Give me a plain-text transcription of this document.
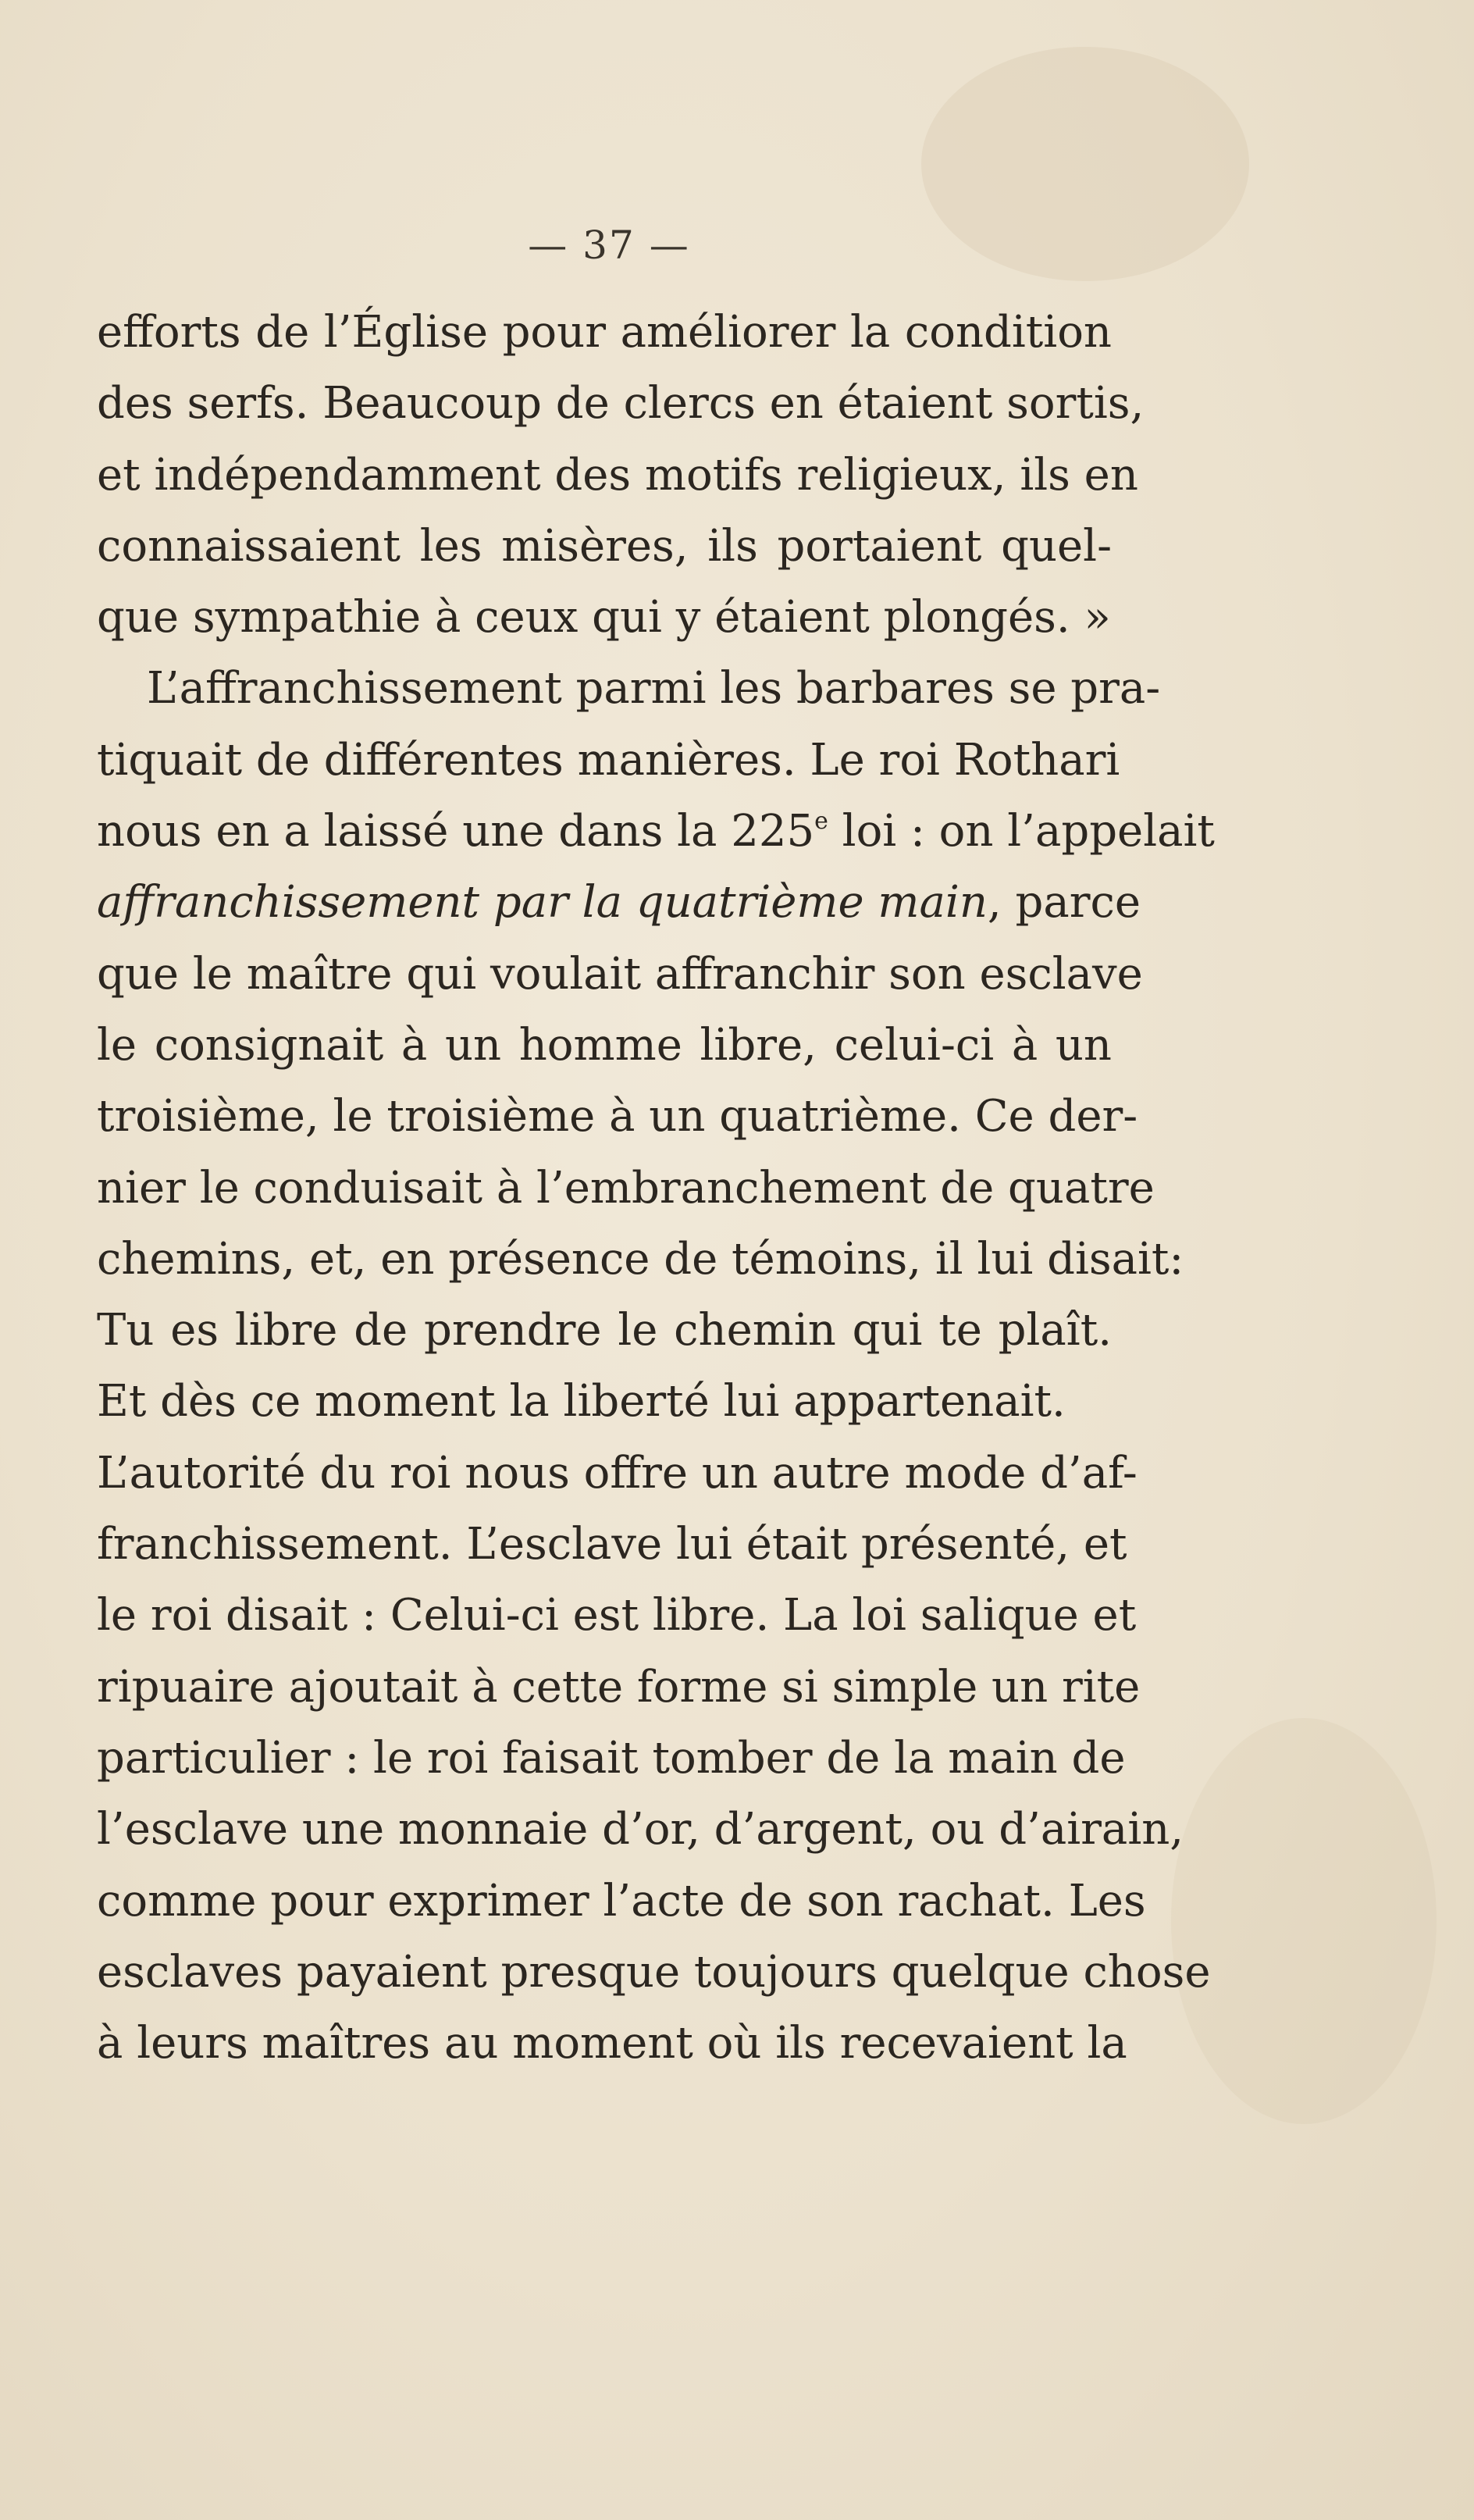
— 37 —
efforts de l’Église pour améliorer la condition
des serfs. Beaucoup de clercs en étaient sortis,
et indépendamment des motifs religieux, ils en
connaissaient les misères, ils portaient quel-
que sympathie à ceux qui y étaient plongés. »
L’affranchissement parmi les barbares se pra-
tiquait de différentes manières. Le roi Rothari
nous en a laissé une dans la 225e loi : on l’appelait
affranchissement par la quatrième main, parce
que le maître qui voulait affranchir son esclave
le consignait à un homme libre, celui-ci à un
troisième, le troisième à un quatrième. Ce der-
nier le conduisait à l’embranchement de quatre
chemins, et, en présence de témoins, il lui disait:
Tu es libre de prendre le chemin qui te plaît.
Et dès ce moment la liberté lui appartenait.
L’autorité du roi nous offre un autre mode d’af-
franchissement. L’esclave lui était présenté, et
le roi disait : Celui-ci est libre. La loi salique et
ripuaire ajoutait à cette forme si simple un rite
particulier : le roi faisait tomber de la main de
l’esclave une monnaie d’or, d’argent, ou d’airain,
comme pour exprimer l’acte de son rachat. Les
esclaves payaient presque toujours quelque chose
à leurs maîtres au moment où ils recevaient la
